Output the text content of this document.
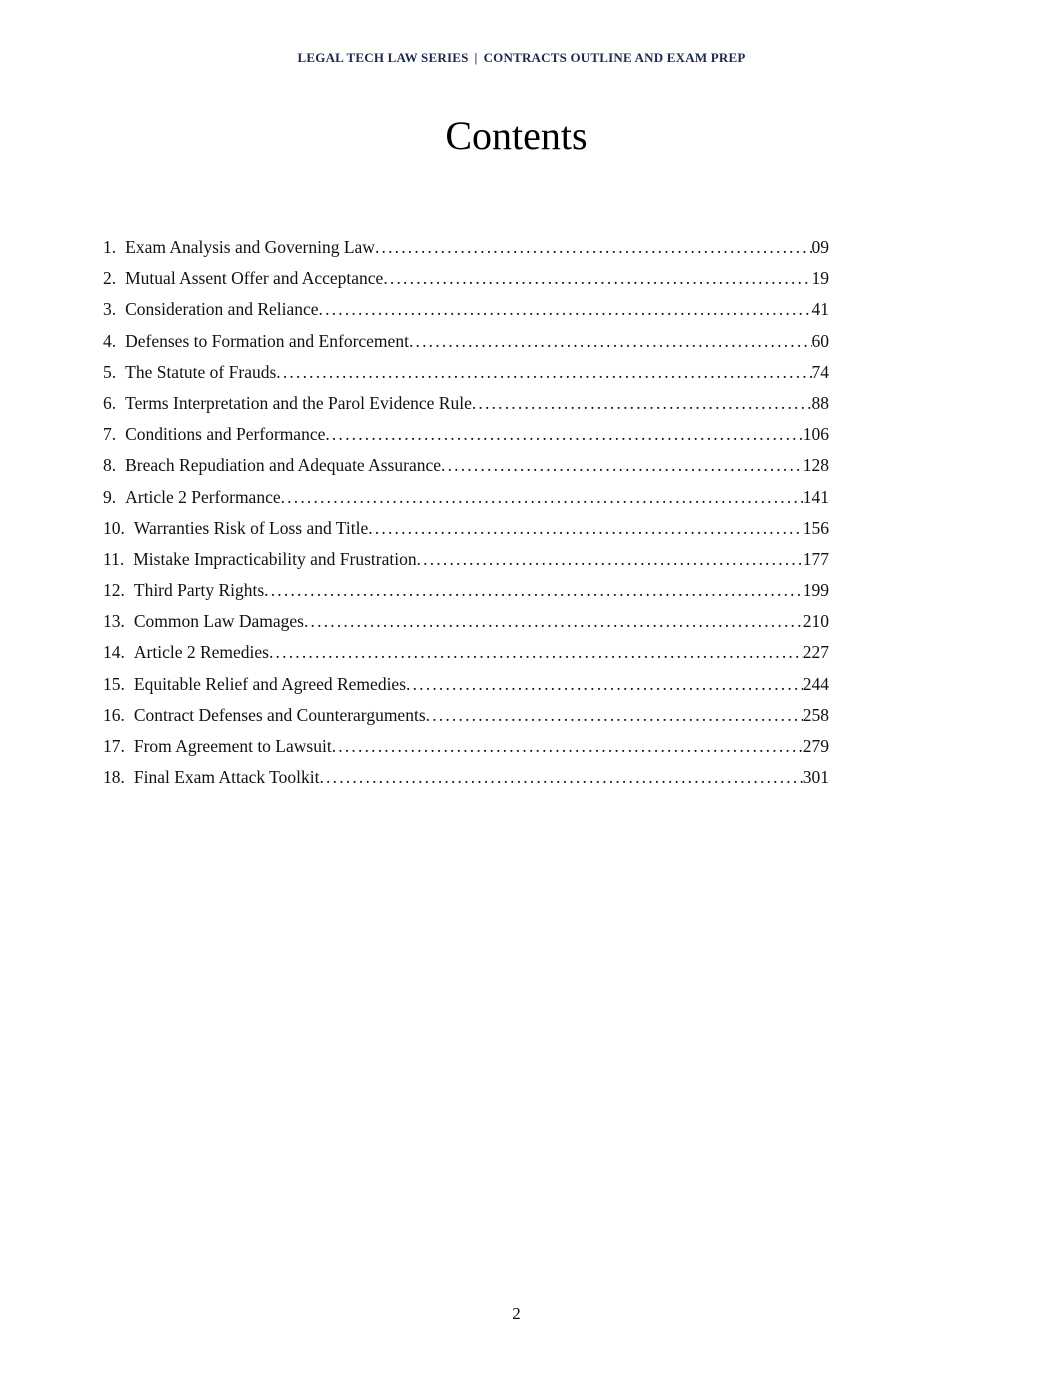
LEGAL TECH LAW SERIES | CONTRACTS OUTLINE AND EXAM PREP
Contents
1. Exam Analysis and Governing Law .....	09
2. Mutual Assent Offer and Acceptance .....	19
3. Consideration and Reliance .....	41
4. Defenses to Formation and Enforcement .....	60
5. The Statute of Frauds .....	74
6. Terms Interpretation and the Parol Evidence Rule .....	88
7. Conditions and Performance .....	106
8. Breach Repudiation and Adequate Assurance .....	128
9. Article 2 Performance .....	141
10. Warranties Risk of Loss and Title .....	156
11. Mistake Impracticability and Frustration .....	177
12. Third Party Rights .....	199
13. Common Law Damages .....	210
14. Article 2 Remedies .....	227
15. Equitable Relief and Agreed Remedies .....	244
16. Contract Defenses and Counterarguments .....	258
17. From Agreement to Lawsuit .....	279
18. Final Exam Attack Toolkit .....	301
2
